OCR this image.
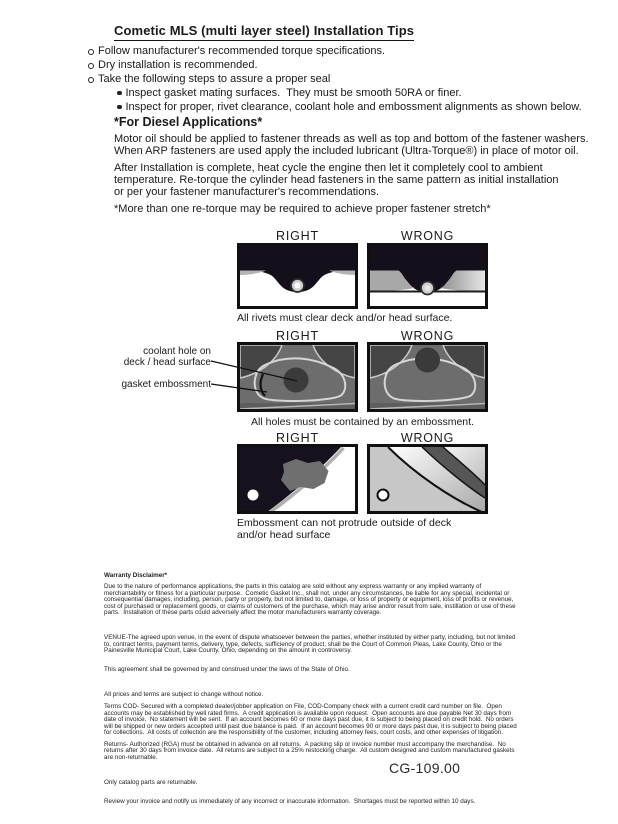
Cometic MLS (multi layer steel) Installation Tips
Follow manufacturer's recommended torque specifications.
Dry installation is recommended.
Take the following steps to assure a proper seal
Inspect gasket mating surfaces.  They must be smooth 50RA or finer.
Inspect for proper, rivet clearance, coolant hole and embossment alignments as shown below.
*For Diesel Applications*
Motor oil should be applied to fastener threads as well as top and bottom of the fastener washers.
When ARP fasteners are used apply the included lubricant (Ultra-Torque®) in place of motor oil.
After Installation is complete, heat cycle the engine then let it completely cool to ambient
temperature. Re-torque the cylinder head fasteners in the same pattern as initial installation
or per your fastener manufacturer's recommendations.
*More than one re-torque may be required to achieve proper fastener stretch*
RIGHT	WRONG
All rivets must clear deck and/or head surface.
RIGHT	WRONG
coolant hole on
deck / head surface
gasket embossment
All holes must be contained by an embossment.
RIGHT	WRONG
Embossment can not protrude outside of deck
and/or head surface
Warranty Disclaimer*
Due to the nature of performance applications, the parts in this catalog are sold without any express warranty or any implied warranty of merchantability or fitness for a particular purpose.  Cometic Gasket Inc., shall not, under any circumstances, be liable for any special, incidental or consequential damages, including, person, party or property, but not limited to, damage, or loss of property or equipment, loss of profits or revenue, cost of purchased or replacement goods, or claims of customers of the purchase, which may arise and/or result from sale, instillation or use of these parts.  Installation of these parts could adversely affect the motor manufacturers warranty coverage.

VENUE-The agreed upon venue, in the event of dispute whatsoever between the parties, whether instituted by either party, including, but not limited to, contract terms, payment terms, delivery, type, defects, sufficiency of product, shall be the Court of Common Pleas, Lake County, Ohio or the Painesville Municipal Court, Lake County, Ohio, depending on the amount in controversy.

This agreement shall be governed by and construed under the laws of the State of Ohio.

All prices and terms are subject to change without notice.
Terms COD- Secured with a completed dealer/jobber application on File, COD-Company check with a current credit card number on file.  Open accounts may be established by well rated firms.  A credit application is available upon request.  Open accounts are due payable Net 30 days from date of invoice.  No statement will be sent.  If an account becomes 60 or more days past due, it is subject to being placed on credit hold.  No orders will be shipped or new orders accepted until past due balance is paid.  If an account becomes 90 or more days past due, it is subject to being placed for collections.  All costs of collection are the responsibility of the customer, including attorney fees, court costs, and other expenses of litigation.
Returns- Authorized (RGA) must be obtained in advance on all returns.  A packing slip or invoice number must accompany the merchandise.  No returns after 30 days from invoice date.  All returns are subject to a 25% restocking charge.  All custom designed and custom manufactured gaskets are non-returnable.

Only catalog parts are returnable.

Review your invoice and notify us immediately of any incorrect or inaccurate information.  Shortages must be reported within 10 days.

CG-109.00
